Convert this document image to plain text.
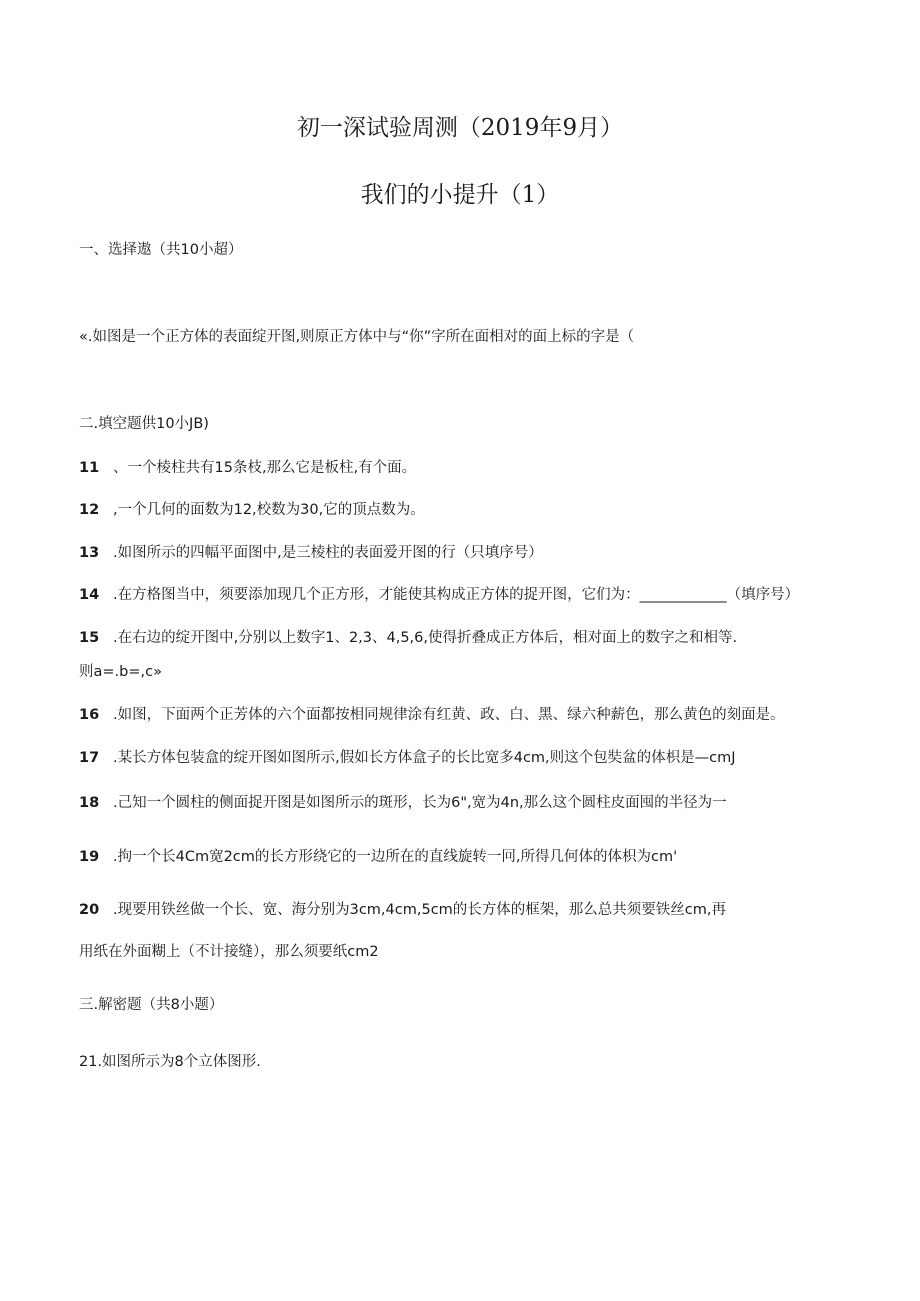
初一深试验周测（2019年9月）
我们的小提升（1）
一、选择遨（共10小超）
«.如图是一个正方体的表面绽开图,则原正方体中与“你”字所在面相对的面上标的字是（
二.填空题供10小JB)
11 、一个棱柱共有15条枝,那么它是板柱,有个面。
12 ,一个几何的面数为12,校数为30,它的顶点数为。
13 .如图所示的四幅平面图中,是三棱柱的表面爱开图的行（只填序号）
14 .在方格图当中，须要添加现几个正方形，才能使其构成正方体的捉开图，它们为：____________（填序号）
15 .在右边的绽开图中,分别以上数字1、2,3、4,5,6,使得折叠成正方体后，相对面上的数字之和相等.
则a=.b=,c»
16 .如图，下面两个正芳体的六个面都按相同规律涂有红黄、政、白、黑、绿六种薪色，那么黄色的刻面是。
17 .某长方体包装盒的绽开图如图所示,假如长方体盒子的长比宽多4cm,则这个包奘盆的体枳是—cmJ
18 .己知一个圆柱的侧面捉开图是如图所示的斑形，长为6",宽为4n,那么这个圆柱皮面囤的半径为一
19 .拘一个长4Cm宽2cm的长方形绕它的一边所在的直线旋转一冋,所得几何体的体枳为cm'
20 .现要用铁丝做一个长、宽、海分别为3cm,4cm,5cm的长方体的框架，那么总共须要铁丝cm,再
用纸在外面糊上（不计接缝），那么须要纸cm2
三.解密题（共8小题）
21.如图所示为8个立体图形.
